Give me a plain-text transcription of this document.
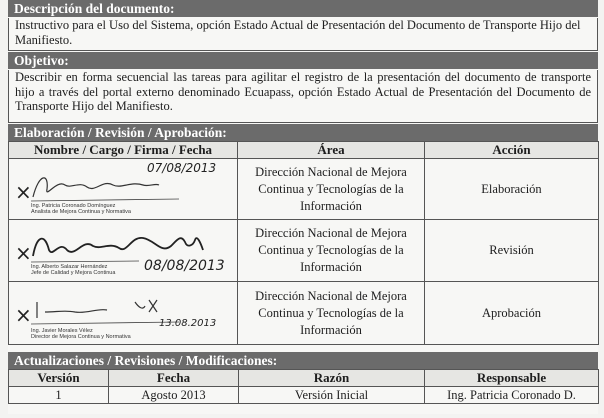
Descripción del documento:
Instructivo para el Uso del Sistema, opción Estado Actual de Presentación del Documento de Transporte Hijo del Manifiesto.
Objetivo:
Describir en forma secuencial las tareas para agilitar el registro de la presentación del documento de transporte hijo a través del portal externo denominado Ecuapass, opción Estado Actual de Presentación del Documento de Transporte Hijo del Manifiesto.
Elaboración / Revisión / Aprobación:
Nombre / Cargo / Firma / Fecha	Área	Acción

×
07/08/2013
Ing. Patricia Coronado Domínguez
Analista de Mejora Continua y Normativa	Dirección Nacional de Mejora Continua y Tecnologías de la Información	Elaboración

×
08/08/2013
Ing. Alberto Salazar Hernández
Jefe de Calidad y Mejora Continua	Dirección Nacional de Mejora Continua y Tecnologías de la Información	Revisión

× 13.08.2013
Ing. Javier Morales Vélez
Director de Mejora Continua y Normativa	Dirección Nacional de Mejora Continua y Tecnologías de la Información	Aprobación
Actualizaciones / Revisiones / Modificaciones:
Versión	Fecha	Razón	Responsable
1	Agosto 2013	Versión Inicial	Ing. Patricia Coronado D.
